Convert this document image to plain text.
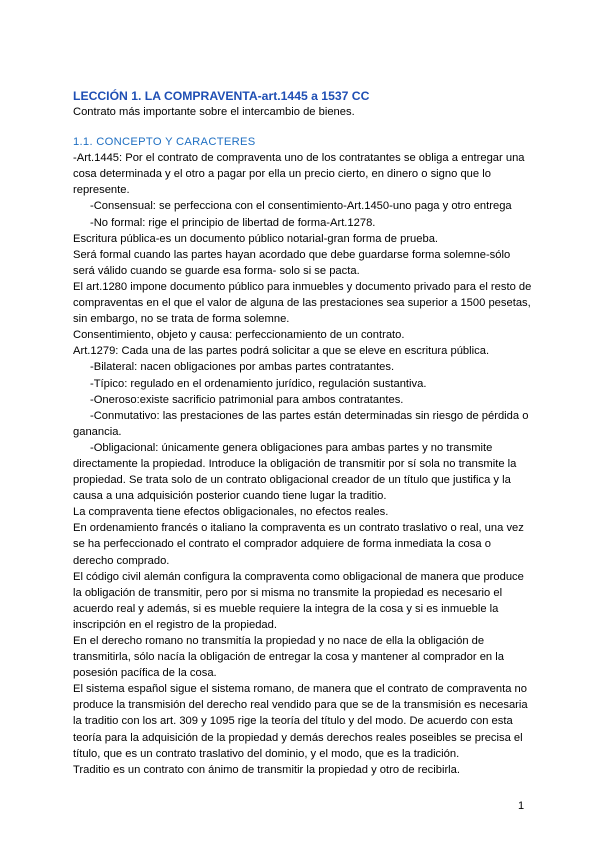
LECCIÓN 1. LA COMPRAVENTA-art.1445 a 1537 CC

Contrato más importante sobre el intercambio de bienes.

1.1. CONCEPTO Y CARACTERES

-Art.1445: Por el contrato de compraventa uno de los contratantes se obliga a entregar una cosa determinada y el otro a pagar por ella un precio cierto, en dinero o signo que lo represente.

-Consensual: se perfecciona con el consentimiento-Art.1450-uno paga y otro entrega

-No formal: rige el principio de libertad de forma-Art.1278.

Escritura pública-es un documento público notarial-gran forma de prueba.

Será formal cuando las partes hayan acordado que debe guardarse forma solemne-sólo será válido cuando se guarde esa forma- solo si se pacta.

El art.1280 impone documento público para inmuebles y documento privado para el resto de compraventas en el que el valor de alguna de las prestaciones sea superior a 1500 pesetas, sin embargo, no se trata de forma solemne.

Consentimiento, objeto y causa: perfeccionamiento de un contrato.

Art.1279: Cada una de las partes podrá solicitar a que se eleve en escritura pública.

-Bilateral: nacen obligaciones por ambas partes contratantes.

-Típico: regulado en el ordenamiento jurídico, regulación sustantiva.

-Oneroso:existe sacrificio patrimonial para ambos contratantes.

-Conmutativo: las prestaciones de las partes están determinadas sin riesgo de pérdida o ganancia.

-Obligacional: únicamente genera obligaciones para ambas partes y no transmite directamente la propiedad. Introduce la obligación de transmitir por sí sola no transmite la propiedad. Se trata solo de un contrato obligacional creador de un título que justifica y la causa a una adquisición posterior cuando tiene lugar la traditio.

La compraventa tiene efectos obligacionales, no efectos reales.

En ordenamiento francés o italiano la compraventa es un contrato traslativo o real, una vez se ha perfeccionado el contrato el comprador adquiere de forma inmediata la cosa o derecho comprado.

El código civil alemán configura la compraventa como obligacional de manera que produce la obligación de transmitir, pero por si misma no transmite la propiedad es necesario el acuerdo real y además, si es mueble requiere la integra de la cosa y si es inmueble la inscripción en el registro de la propiedad.

En el derecho romano no transmitía la propiedad y no nace de ella la obligación de transmitirla, sólo nacía la obligación de entregar la cosa y mantener al comprador en la posesión pacífica de la cosa.

El sistema español sigue el sistema romano, de manera que el contrato de compraventa no produce la transmisión del derecho real vendido para que se de la transmisión es necesaria la traditio con los art. 309 y 1095 rige la teoría del título y del modo. De acuerdo con esta teoría para la adquisición de la propiedad y demás derechos reales poseibles se precisa el título, que es un contrato traslativo del dominio, y el modo, que es la tradición.

Traditio es un contrato con ánimo de transmitir la propiedad y otro de recibirla.

1
